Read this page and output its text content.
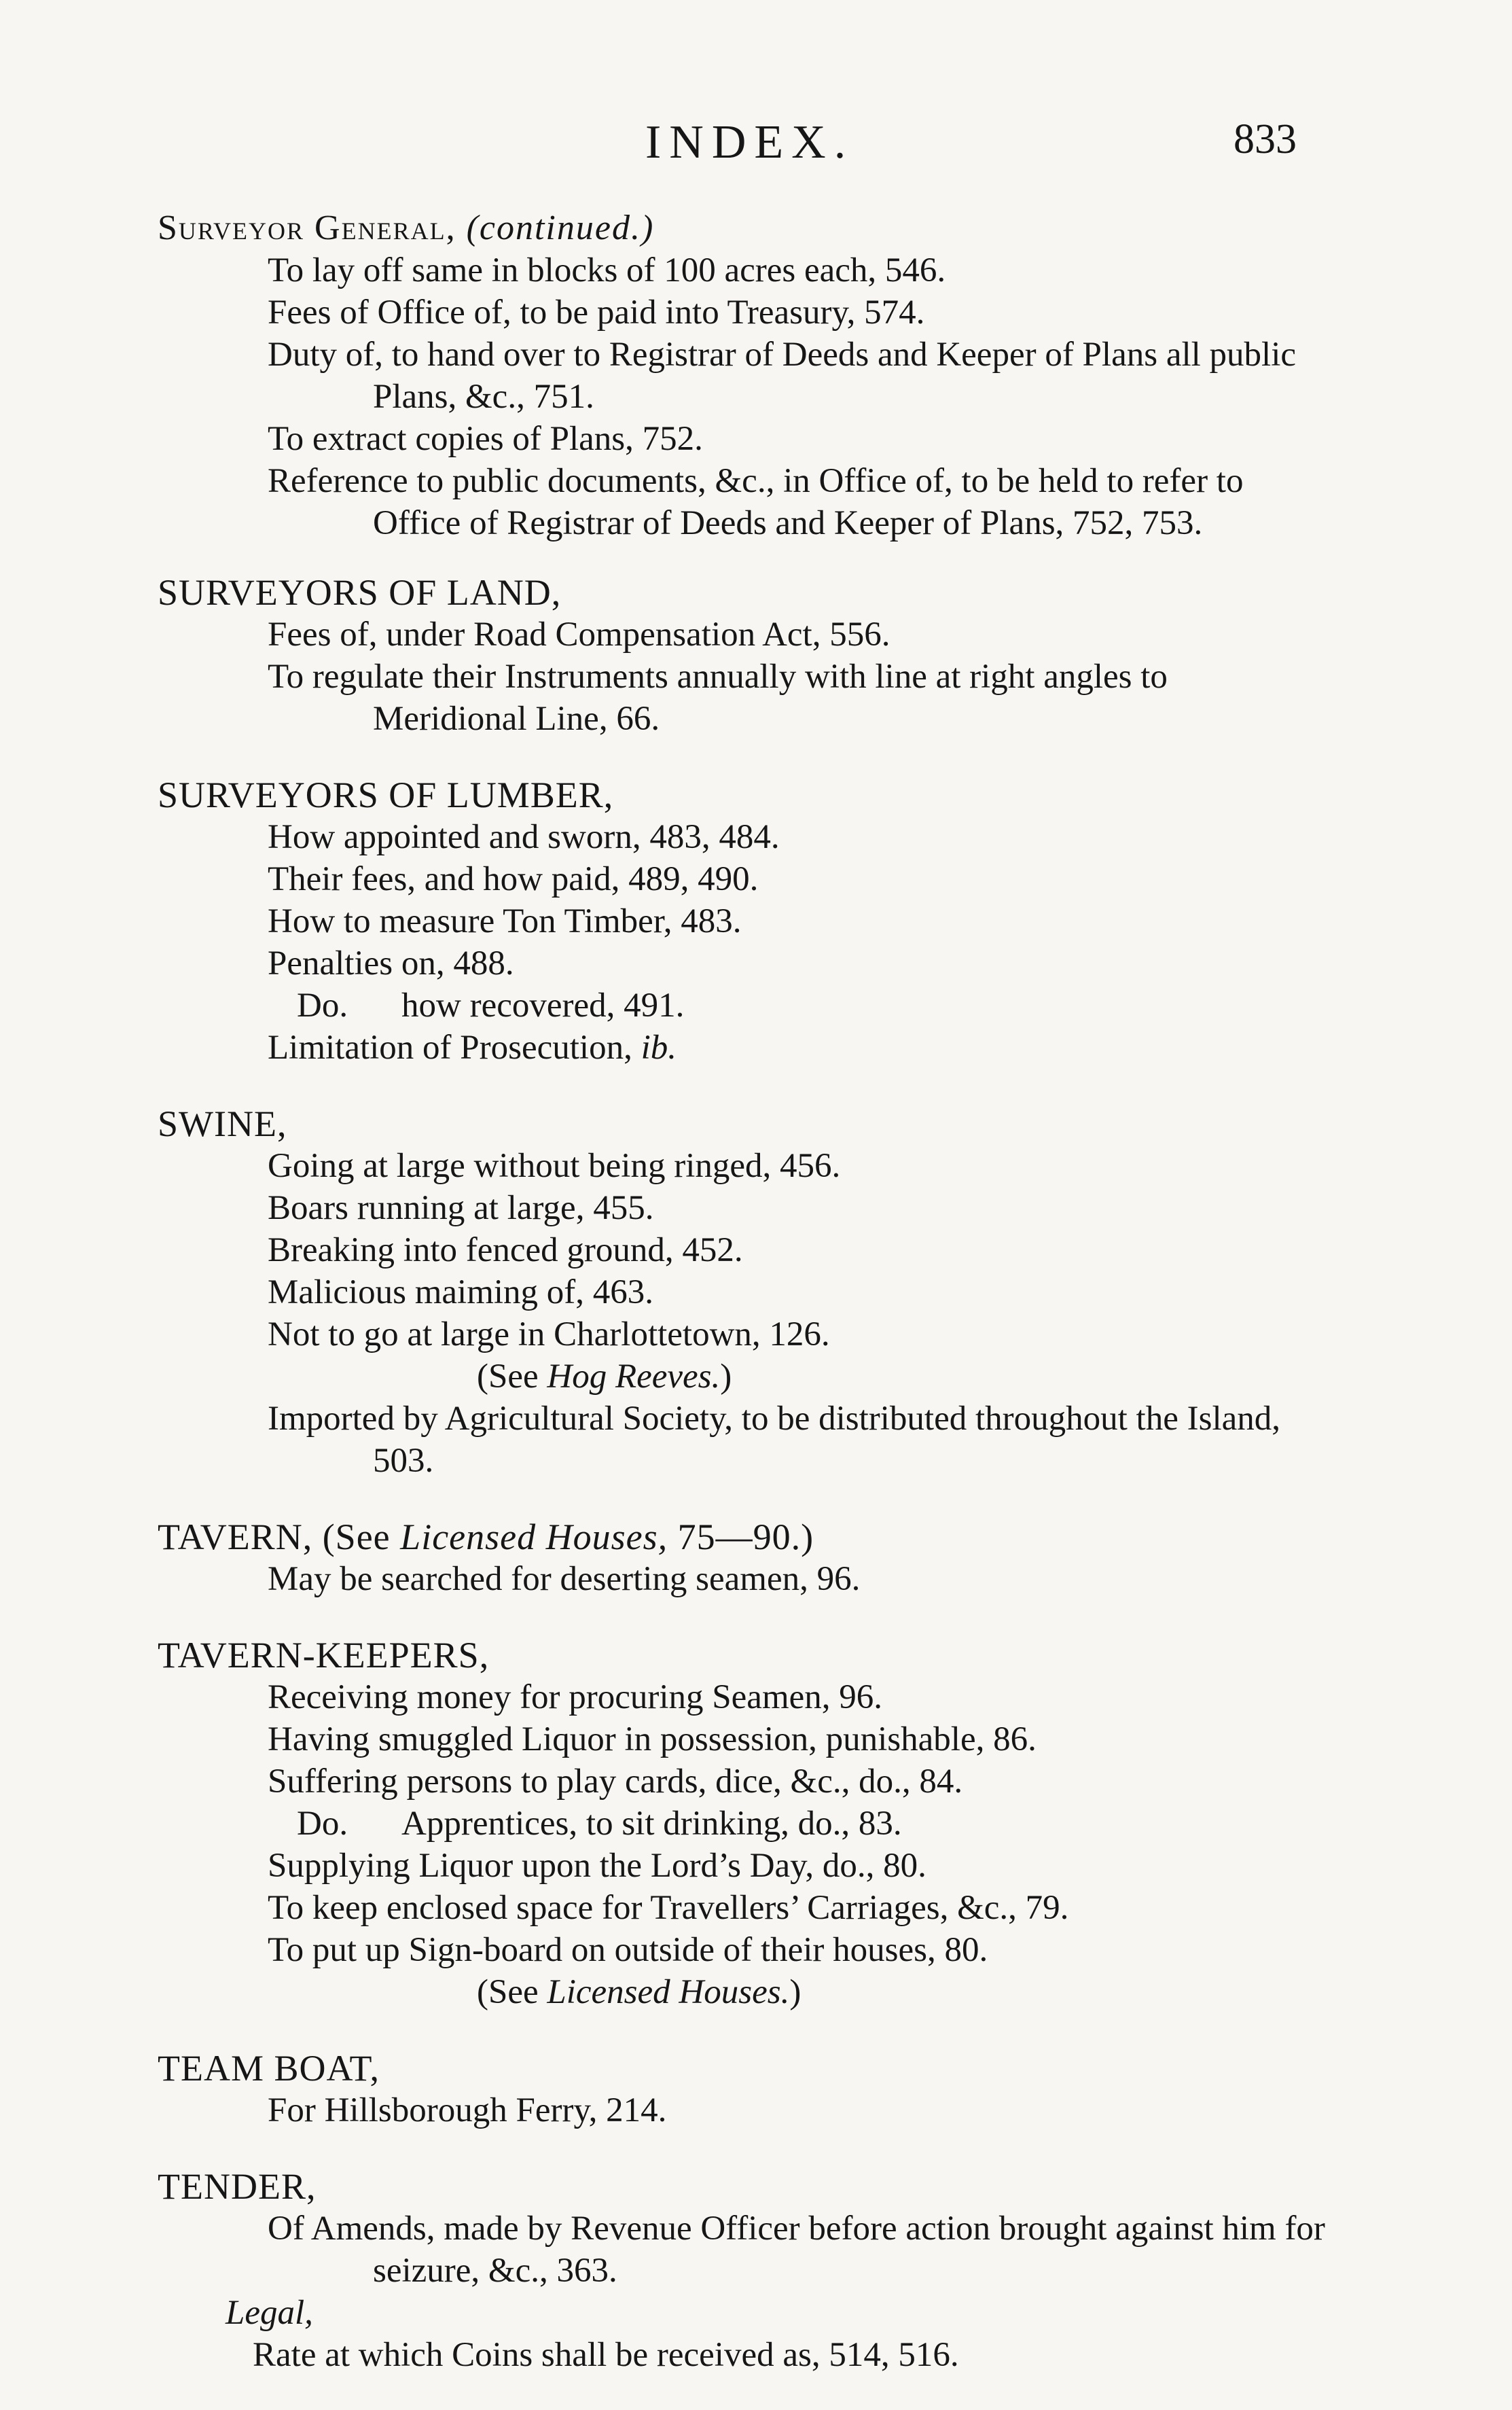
INDEX.	833
Surveyor General, (continued.)
To lay off same in blocks of 100 acres each, 546.
Fees of Office of, to be paid into Treasury, 574.
Duty of, to hand over to Registrar of Deeds and Keeper of Plans all public Plans, &c., 751.
To extract copies of Plans, 752.
Reference to public documents, &c., in Office of, to be held to refer to Office of Registrar of Deeds and Keeper of Plans, 752, 753.
SURVEYORS OF LAND,
Fees of, under Road Compensation Act, 556.
To regulate their Instruments annually with line at right angles to Meridional Line, 66.
SURVEYORS OF LUMBER,
How appointed and sworn, 483, 484.
Their fees, and how paid, 489, 490.
How to measure Ton Timber, 483.
Penalties on, 488.
Do. how recovered, 491.
Limitation of Prosecution, ib.
SWINE,
Going at large without being ringed, 456.
Boars running at large, 455.
Breaking into fenced ground, 452.
Malicious maiming of, 463.
Not to go at large in Charlottetown, 126.
(See Hog Reeves.)
Imported by Agricultural Society, to be distributed throughout the Island, 503.
TAVERN, (See Licensed Houses, 75—90.)
May be searched for deserting seamen, 96.
TAVERN-KEEPERS,
Receiving money for procuring Seamen, 96.
Having smuggled Liquor in possession, punishable, 86.
Suffering persons to play cards, dice, &c., do., 84.
Do. Apprentices, to sit drinking, do., 83.
Supplying Liquor upon the Lord’s Day, do., 80.
To keep enclosed space for Travellers’ Carriages, &c., 79.
To put up Sign-board on outside of their houses, 80.
(See Licensed Houses.)
TEAM BOAT,
For Hillsborough Ferry, 214.
TENDER,
Of Amends, made by Revenue Officer before action brought against him for seizure, &c., 363.
Legal,
Rate at which Coins shall be received as, 514, 516.
